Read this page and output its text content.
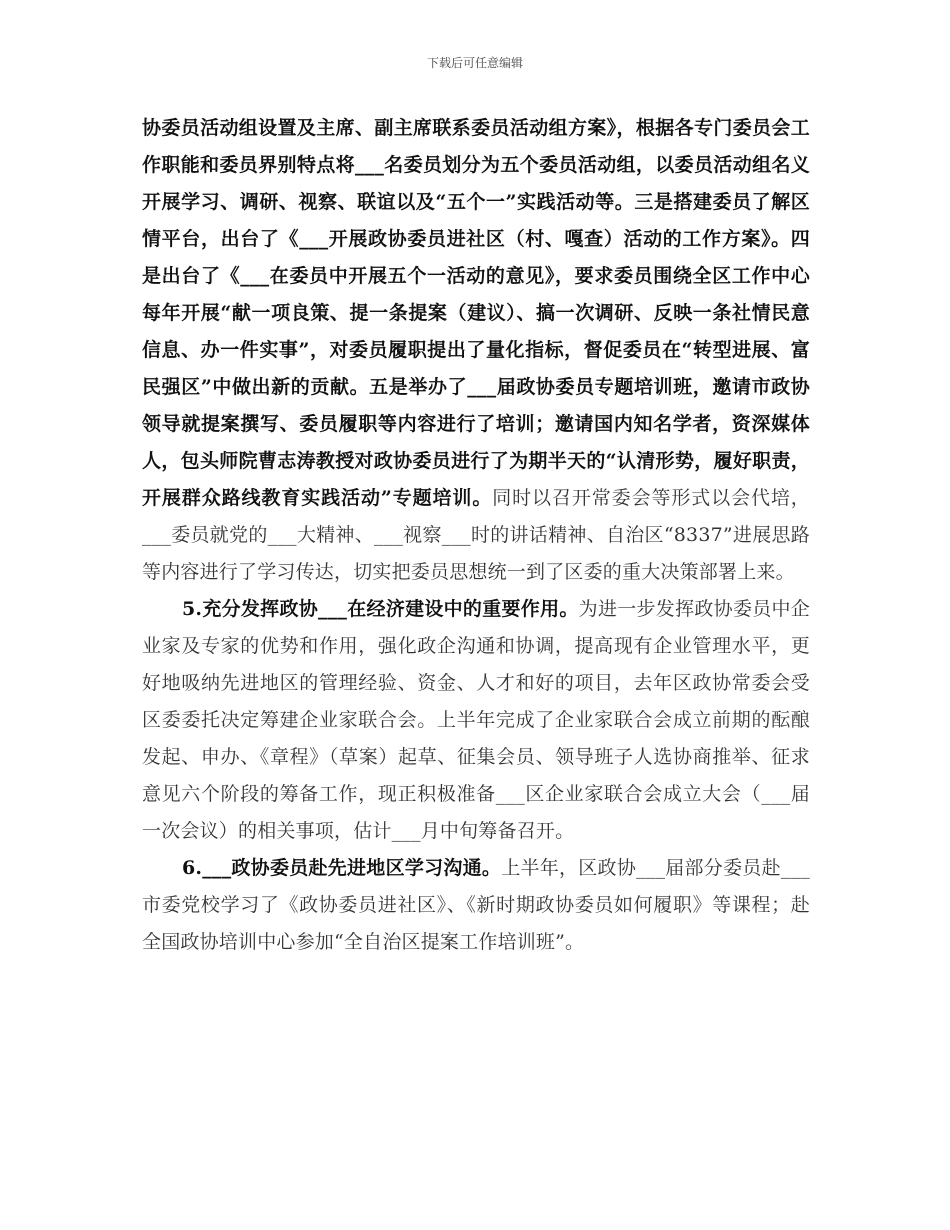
下载后可任意编辑

协委员活动组设置及主席、副主席联系委员活动组方案》，根据各专门委员会工作职能和委员界别特点将___名委员划分为五个委员活动组，以委员活动组名义开展学习、调研、视察、联谊以及“五个一”实践活动等。三是搭建委员了解区情平台，出台了《___开展政协委员进社区（村、嘎查）活动的工作方案》。四是出台了《___在委员中开展五个一活动的意见》，要求委员围绕全区工作中心每年开展“献一项良策、提一条提案（建议）、搞一次调研、反映一条社情民意信息、办一件实事”，对委员履职提出了量化指标，督促委员在“转型进展、富民强区”中做出新的贡献。五是举办了___届政协委员专题培训班，邀请市政协领导就提案撰写、委员履职等内容进行了培训；邀请国内知名学者，资深媒体人，包头师院曹志涛教授对政协委员进行了为期半天的“认清形势，履好职责，开展群众路线教育实践活动”专题培训。同时以召开常委会等形式以会代培，___委员就党的___大精神、___视察___时的讲话精神、自治区“8337”进展思路等内容进行了学习传达，切实把委员思想统一到了区委的重大决策部署上来。

5.充分发挥政协___在经济建设中的重要作用。为进一步发挥政协委员中企业家及专家的优势和作用，强化政企沟通和协调，提高现有企业管理水平，更好地吸纳先进地区的管理经验、资金、人才和好的项目，去年区政协常委会受区委委托决定筹建企业家联合会。上半年完成了企业家联合会成立前期的酝酿发起、申办、《章程》（草案）起草、征集会员、领导班子人选协商推举、征求意见六个阶段的筹备工作，现正积极准备___区企业家联合会成立大会（___届一次会议）的相关事项，估计___月中旬筹备召开。

6.___政协委员赴先进地区学习沟通。上半年，区政协___届部分委员赴___市委党校学习了《政协委员进社区》、《新时期政协委员如何履职》等课程；赴全国政协培训中心参加“全自治区提案工作培训班”。
